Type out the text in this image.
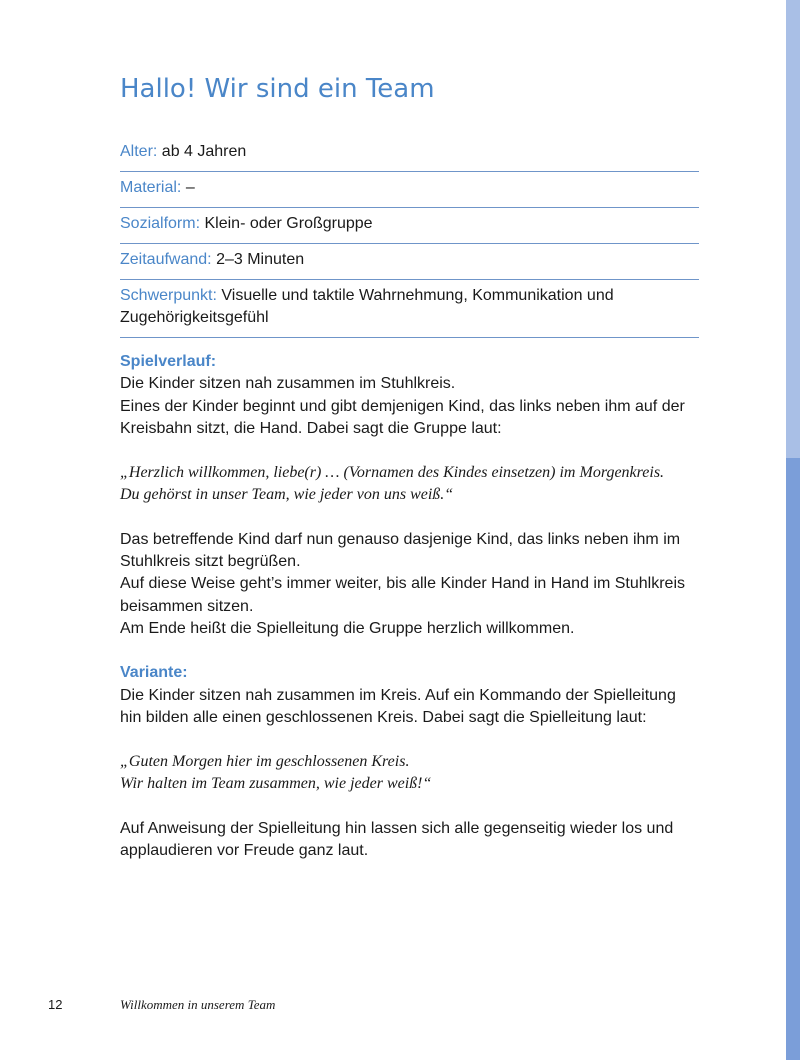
Hallo! Wir sind ein Team
Alter: ab 4 Jahren
Material: –
Sozialform: Klein- oder Großgruppe
Zeitaufwand: 2–3 Minuten
Schwerpunkt: Visuelle und taktile Wahrnehmung, Kommunikation und Zugehörigkeitsgefühl

Spielverlauf:

Die Kinder sitzen nah zusammen im Stuhlkreis.

Eines der Kinder beginnt und gibt demjenigen Kind, das links neben ihm auf der Kreisbahn sitzt, die Hand. Dabei sagt die Gruppe laut:

„Herzlich willkommen, liebe(r) … (Vornamen des Kindes einsetzen) im Morgenkreis.

Du gehörst in unser Team, wie jeder von uns weiß.“

Das betreffende Kind darf nun genauso dasjenige Kind, das links neben ihm im Stuhlkreis sitzt begrüßen.

Auf diese Weise geht’s immer weiter, bis alle Kinder Hand in Hand im Stuhlkreis beisammen sitzen.

Am Ende heißt die Spielleitung die Gruppe herzlich willkommen.

Variante:

Die Kinder sitzen nah zusammen im Kreis. Auf ein Kommando der Spielleitung hin bilden alle einen geschlossenen Kreis. Dabei sagt die Spielleitung laut:

„Guten Morgen hier im geschlossenen Kreis.

Wir halten im Team zusammen, wie jeder weiß!“

Auf Anweisung der Spielleitung hin lassen sich alle gegenseitig wieder los und applaudieren vor Freude ganz laut.

12	Willkommen in unserem Team
